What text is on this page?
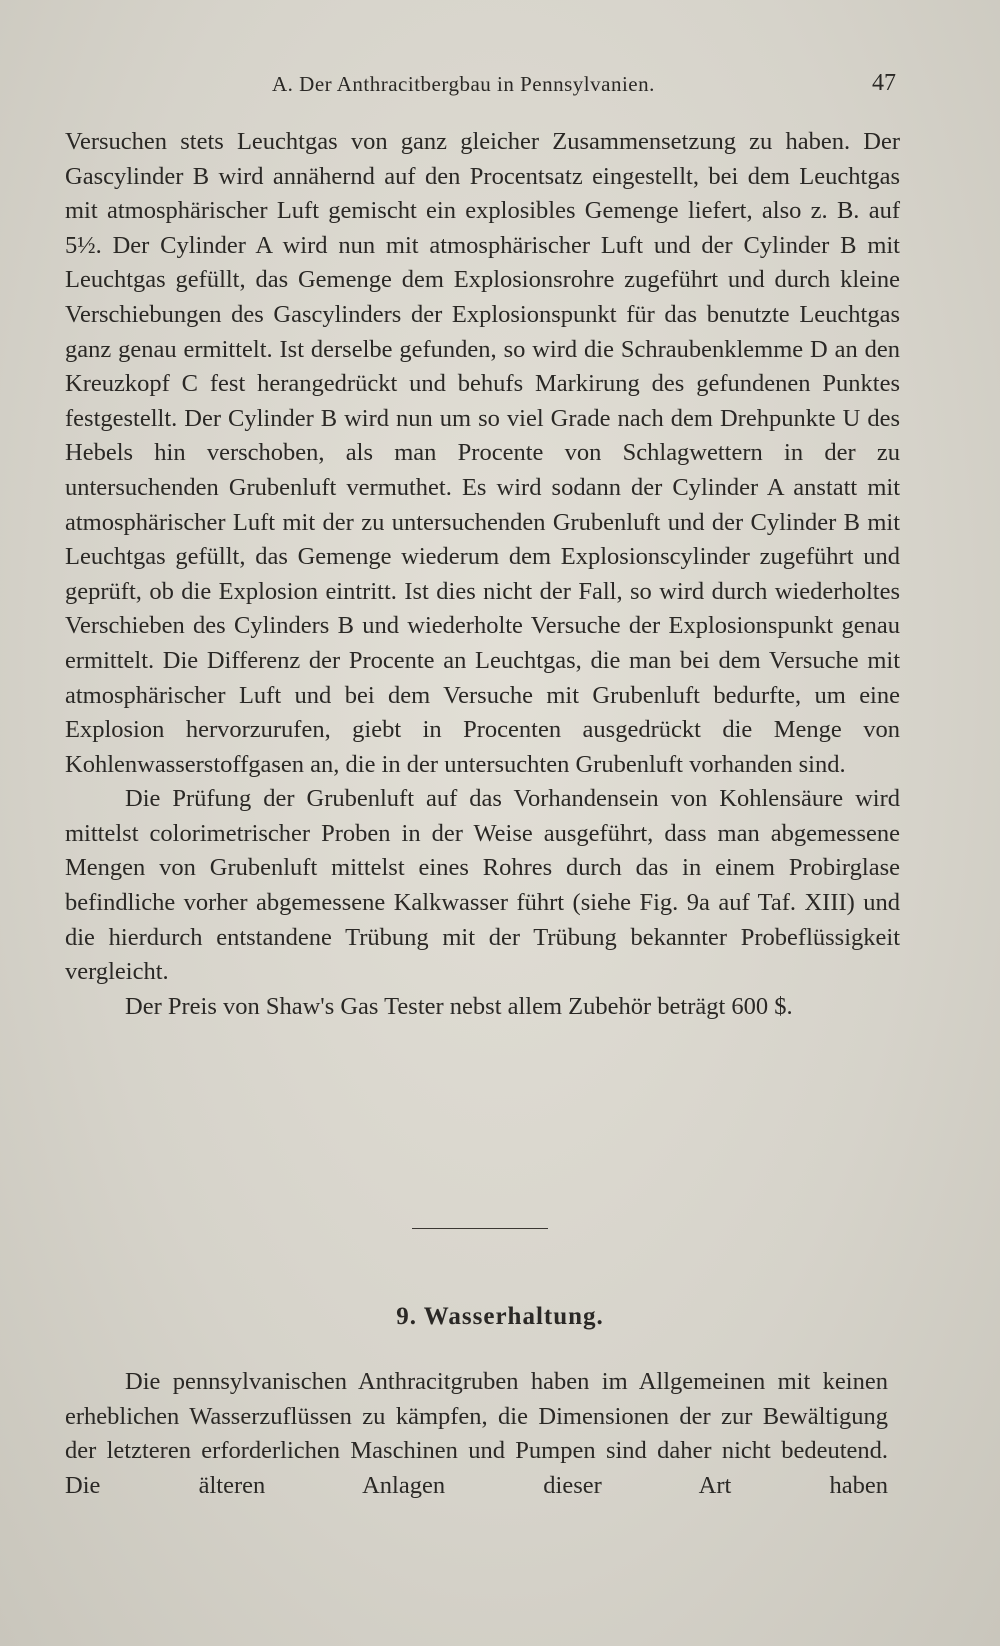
A. Der Anthracitbergbau in Pennsylvanien.	47

Versuchen stets Leuchtgas von ganz gleicher Zusammensetzung zu haben. Der Gascylinder B wird annähernd auf den Procentsatz eingestellt, bei dem Leuchtgas mit atmosphärischer Luft gemischt ein explosibles Gemenge liefert, also z. B. auf 5½. Der Cylinder A wird nun mit atmosphärischer Luft und der Cylinder B mit Leuchtgas gefüllt, das Gemenge dem Explosionsrohre zugeführt und durch kleine Verschiebungen des Gascylinders der Explosionspunkt für das benutzte Leuchtgas ganz genau ermittelt. Ist derselbe gefunden, so wird die Schraubenklemme D an den Kreuzkopf C fest herangedrückt und behufs Markirung des gefundenen Punktes festgestellt. Der Cylinder B wird nun um so viel Grade nach dem Drehpunkte U des Hebels hin verschoben, als man Procente von Schlagwettern in der zu untersuchenden Grubenluft vermuthet. Es wird sodann der Cylinder A anstatt mit atmosphärischer Luft mit der zu untersuchenden Grubenluft und der Cylinder B mit Leuchtgas gefüllt, das Gemenge wiederum dem Explosionscylinder zugeführt und geprüft, ob die Explosion eintritt. Ist dies nicht der Fall, so wird durch wiederholtes Verschieben des Cylinders B und wiederholte Versuche der Explosionspunkt genau ermittelt. Die Differenz der Procente an Leuchtgas, die man bei dem Versuche mit atmosphärischer Luft und bei dem Versuche mit Grubenluft bedurfte, um eine Explosion hervorzurufen, giebt in Procenten ausgedrückt die Menge von Kohlenwasserstoffgasen an, die in der untersuchten Grubenluft vorhanden sind.

Die Prüfung der Grubenluft auf das Vorhandensein von Kohlensäure wird mittelst colorimetrischer Proben in der Weise ausgeführt, dass man abgemessene Mengen von Grubenluft mittelst eines Rohres durch das in einem Probirglase befindliche vorher abgemessene Kalkwasser führt (siehe Fig. 9a auf Taf. XIII) und die hierdurch entstandene Trübung mit der Trübung bekannter Probeflüssigkeit vergleicht.

Der Preis von Shaw's Gas Tester nebst allem Zubehör beträgt 600 $.

9. Wasserhaltung.

Die pennsylvanischen Anthracitgruben haben im Allgemeinen mit keinen erheblichen Wasserzuflüssen zu kämpfen, die Dimensionen der zur Bewältigung der letzteren erforderlichen Maschinen und Pumpen sind daher nicht bedeutend. Die älteren Anlagen dieser Art haben
